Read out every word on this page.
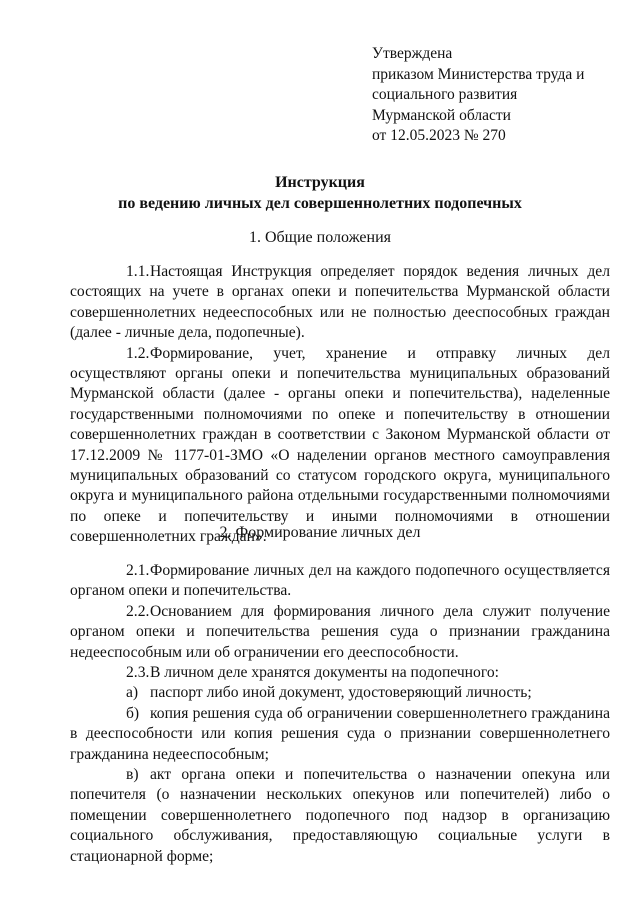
Утверждена
приказом Министерства труда и
социального развития
Мурманской области
от 12.05.2023 № 270
Инструкция
по ведению личных дел совершеннолетних подопечных
1. Общие положения

1.1.Настоящая Инструкция определяет порядок ведения личных дел состоящих на учете в органах опеки и попечительства Мурманской области совершеннолетних недееспособных или не полностью дееспособных граждан (далее - личные дела, подопечные).

1.2.Формирование, учет, хранение и отправку личных дел осуществляют органы опеки и попечительства муниципальных образований Мурманской области (далее - органы опеки и попечительства), наделенные государственными полномочиями по опеке и попечительству в отношении совершеннолетних граждан в соответствии с Законом Мурманской области от 17.12.2009 № 1177-01-ЗМО «О наделении органов местного самоуправления муниципальных образований со статусом городского округа, муниципального округа и муниципального района отдельными государственными полномочиями по опеке и попечительству и иными полномочиями в отношении совершеннолетних граждан».

2. Формирование личных дел

2.1.Формирование личных дел на каждого подопечного осуществляется органом опеки и попечительства.

2.2.Основанием для формирования личного дела служит получение органом опеки и попечительства решения суда о признании гражданина недееспособным или об ограничении его дееспособности.

2.3.В личном деле хранятся документы на подопечного:

а) паспорт либо иной документ, удостоверяющий личность;

б) копия решения суда об ограничении совершеннолетнего гражданина в дееспособности или копия решения суда о признании совершеннолетнего гражданина недееспособным;

в) акт органа опеки и попечительства о назначении опекуна или попечителя (о назначении нескольких опекунов или попечителей) либо о помещении совершеннолетнего подопечного под надзор в организацию социального обслуживания, предоставляющую социальные услуги в стационарной форме;
